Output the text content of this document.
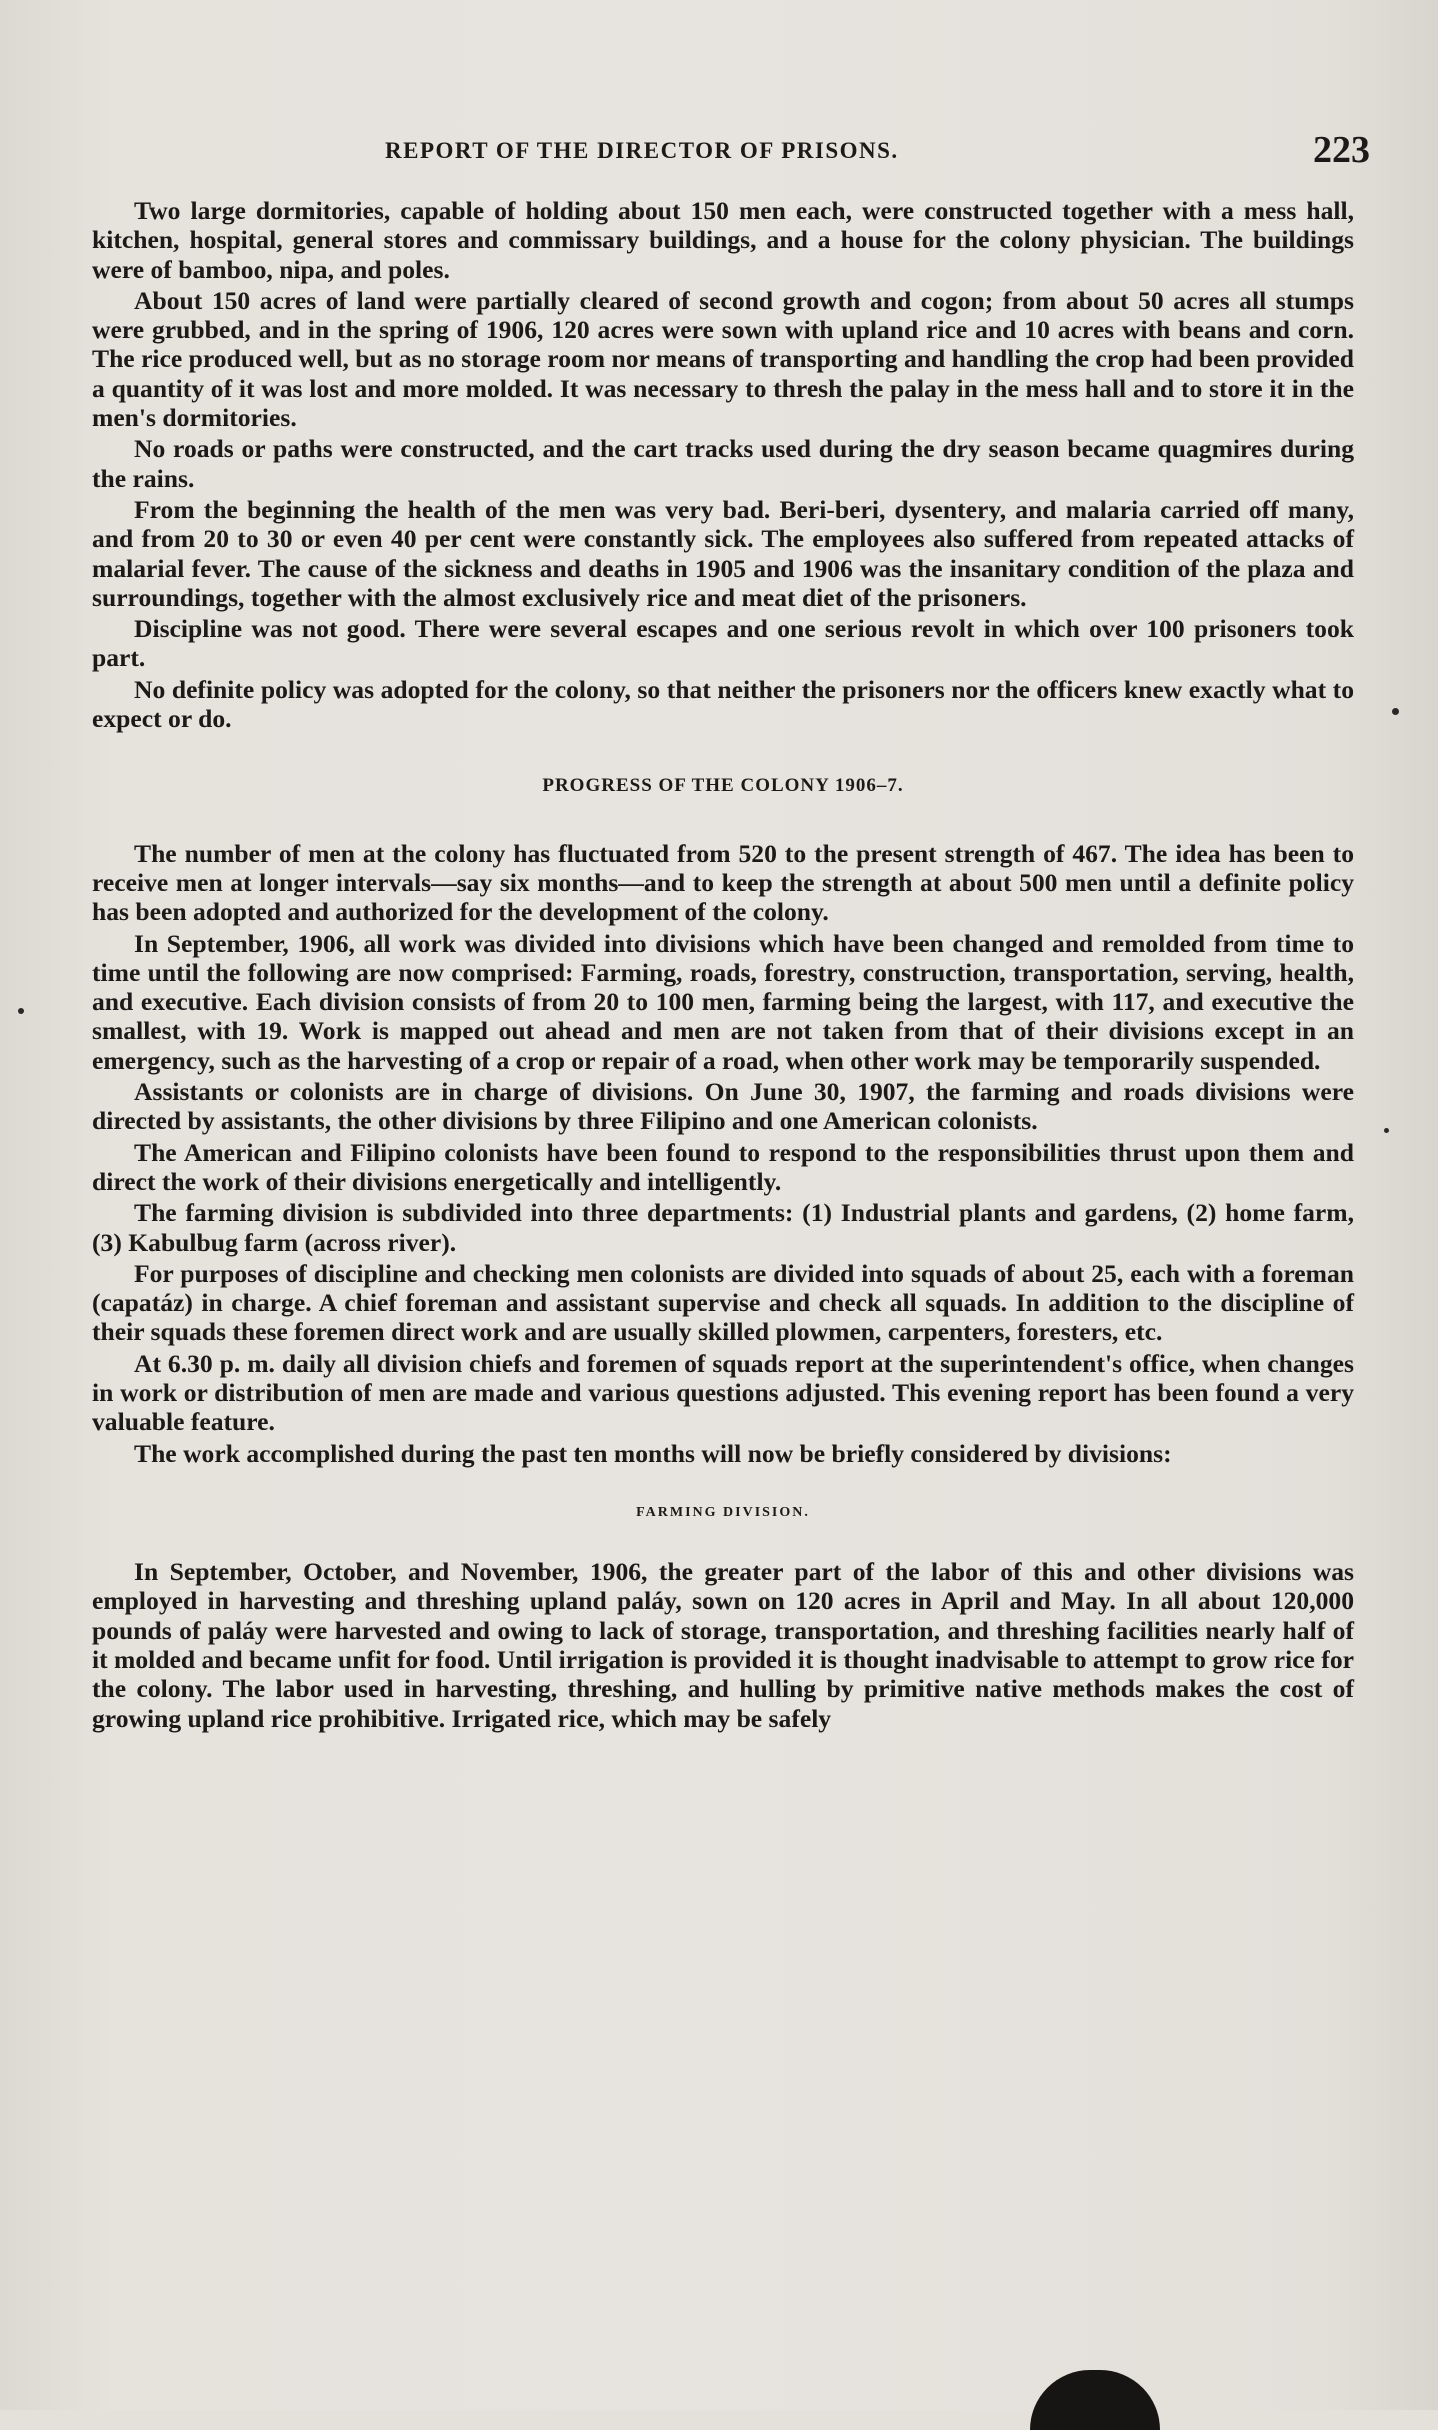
REPORT OF THE DIRECTOR OF PRISONS.	223

Two large dormitories, capable of holding about 150 men each, were constructed together with a mess hall, kitchen, hospital, general stores and commissary buildings, and a house for the colony physician. The buildings were of bamboo, nipa, and poles.

About 150 acres of land were partially cleared of second growth and cogon; from about 50 acres all stumps were grubbed, and in the spring of 1906, 120 acres were sown with upland rice and 10 acres with beans and corn. The rice produced well, but as no storage room nor means of transporting and handling the crop had been provided a quantity of it was lost and more molded. It was necessary to thresh the palay in the mess hall and to store it in the men's dormitories.

No roads or paths were constructed, and the cart tracks used during the dry season became quagmires during the rains.

From the beginning the health of the men was very bad. Beri-beri, dysentery, and malaria carried off many, and from 20 to 30 or even 40 per cent were constantly sick. The employees also suffered from repeated attacks of malarial fever. The cause of the sickness and deaths in 1905 and 1906 was the insanitary condition of the plaza and surroundings, together with the almost exclusively rice and meat diet of the prisoners.

Discipline was not good. There were several escapes and one serious revolt in which over 100 prisoners took part.

No definite policy was adopted for the colony, so that neither the prisoners nor the officers knew exactly what to expect or do.

PROGRESS OF THE COLONY 1906–7.

The number of men at the colony has fluctuated from 520 to the present strength of 467. The idea has been to receive men at longer intervals—say six months—and to keep the strength at about 500 men until a definite policy has been adopted and authorized for the development of the colony.

In September, 1906, all work was divided into divisions which have been changed and remolded from time to time until the following are now comprised: Farming, roads, forestry, construction, transportation, serving, health, and executive. Each division consists of from 20 to 100 men, farming being the largest, with 117, and executive the smallest, with 19. Work is mapped out ahead and men are not taken from that of their divisions except in an emergency, such as the harvesting of a crop or repair of a road, when other work may be temporarily suspended.

Assistants or colonists are in charge of divisions. On June 30, 1907, the farming and roads divisions were directed by assistants, the other divisions by three Filipino and one American colonists.

The American and Filipino colonists have been found to respond to the responsibilities thrust upon them and direct the work of their divisions energetically and intelligently.

The farming division is subdivided into three departments: (1) Industrial plants and gardens, (2) home farm, (3) Kabulbug farm (across river).

For purposes of discipline and checking men colonists are divided into squads of about 25, each with a foreman (capatáz) in charge. A chief foreman and assistant supervise and check all squads. In addition to the discipline of their squads these foremen direct work and are usually skilled plowmen, carpenters, foresters, etc.

At 6.30 p. m. daily all division chiefs and foremen of squads report at the superintendent's office, when changes in work or distribution of men are made and various questions adjusted. This evening report has been found a very valuable feature.

The work accomplished during the past ten months will now be briefly considered by divisions:

FARMING DIVISION.

In September, October, and November, 1906, the greater part of the labor of this and other divisions was employed in harvesting and threshing upland paláy, sown on 120 acres in April and May. In all about 120,000 pounds of paláy were harvested and owing to lack of storage, transportation, and threshing facilities nearly half of it molded and became unfit for food. Until irrigation is provided it is thought inadvisable to attempt to grow rice for the colony. The labor used in harvesting, threshing, and hulling by primitive native methods makes the cost of growing upland rice prohibitive. Irrigated rice, which may be safely
